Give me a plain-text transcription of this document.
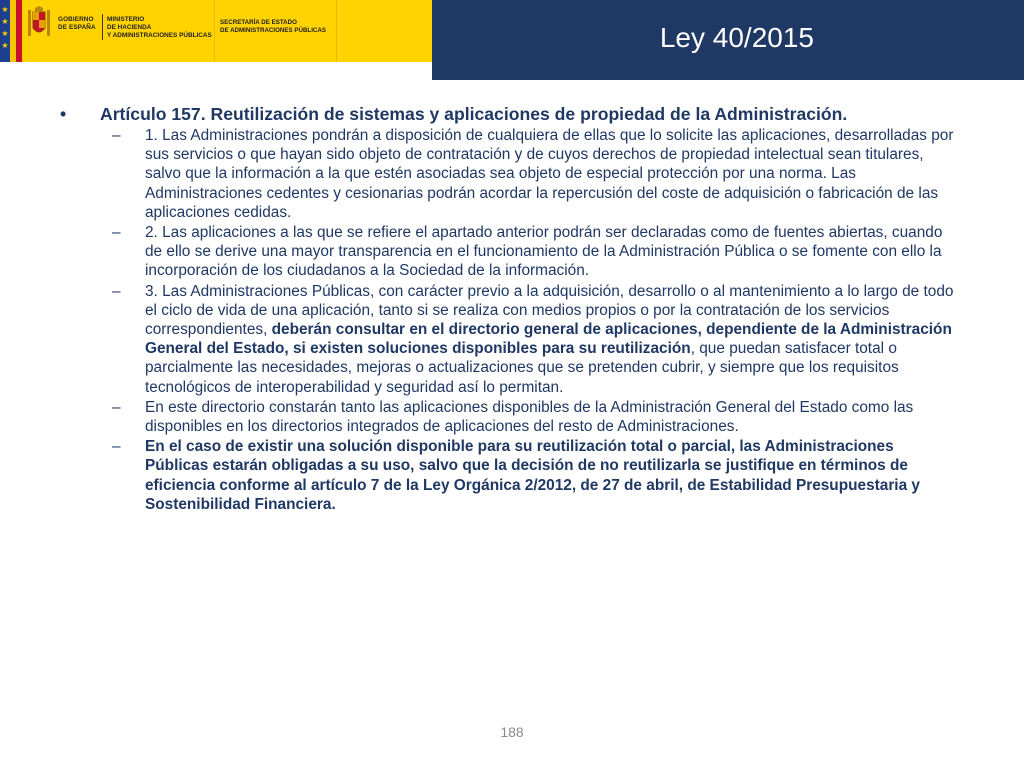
★
★
★
★
GOBIERNO
DE ESPAÑA
MINISTERIO
DE HACIENDA
Y ADMINISTRACIONES PÚBLICAS
SECRETARÍA DE ESTADO
DE ADMINISTRACIONES PÚBLICAS	Ley 40/2015
• Artículo 157. Reutilización de sistemas y aplicaciones de propiedad de la Administración.
– 1. Las Administraciones pondrán a disposición de cualquiera de ellas que lo solicite las aplicaciones, desarrolladas por sus servicios o que hayan sido objeto de contratación y de cuyos derechos de propiedad intelectual sean titulares, salvo que la información a la que estén asociadas sea objeto de especial protección por una norma. Las Administraciones cedentes y cesionarias podrán acordar la repercusión del coste de adquisición o fabricación de las aplicaciones cedidas.
– 2. Las aplicaciones a las que se refiere el apartado anterior podrán ser declaradas como de fuentes abiertas, cuando de ello se derive una mayor transparencia en el funcionamiento de la Administración Pública o se fomente con ello la incorporación de los ciudadanos a la Sociedad de la información.
– 3. Las Administraciones Públicas, con carácter previo a la adquisición, desarrollo o al mantenimiento a lo largo de todo el ciclo de vida de una aplicación, tanto si se realiza con medios propios o por la contratación de los servicios correspondientes, deberán consultar en el directorio general de aplicaciones, dependiente de la Administración General del Estado, si existen soluciones disponibles para su reutilización, que puedan satisfacer total o parcialmente las necesidades, mejoras o actualizaciones que se pretenden cubrir, y siempre que los requisitos tecnológicos de interoperabilidad y seguridad así lo permitan.
– En este directorio constarán tanto las aplicaciones disponibles de la Administración General del Estado como las disponibles en los directorios integrados de aplicaciones del resto de Administraciones.
– En el caso de existir una solución disponible para su reutilización total o parcial, las Administraciones Públicas estarán obligadas a su uso, salvo que la decisión de no reutilizarla se justifique en términos de eficiencia conforme al artículo 7 de la Ley Orgánica 2/2012, de 27 de abril, de Estabilidad Presupuestaria y Sostenibilidad Financiera.
188
